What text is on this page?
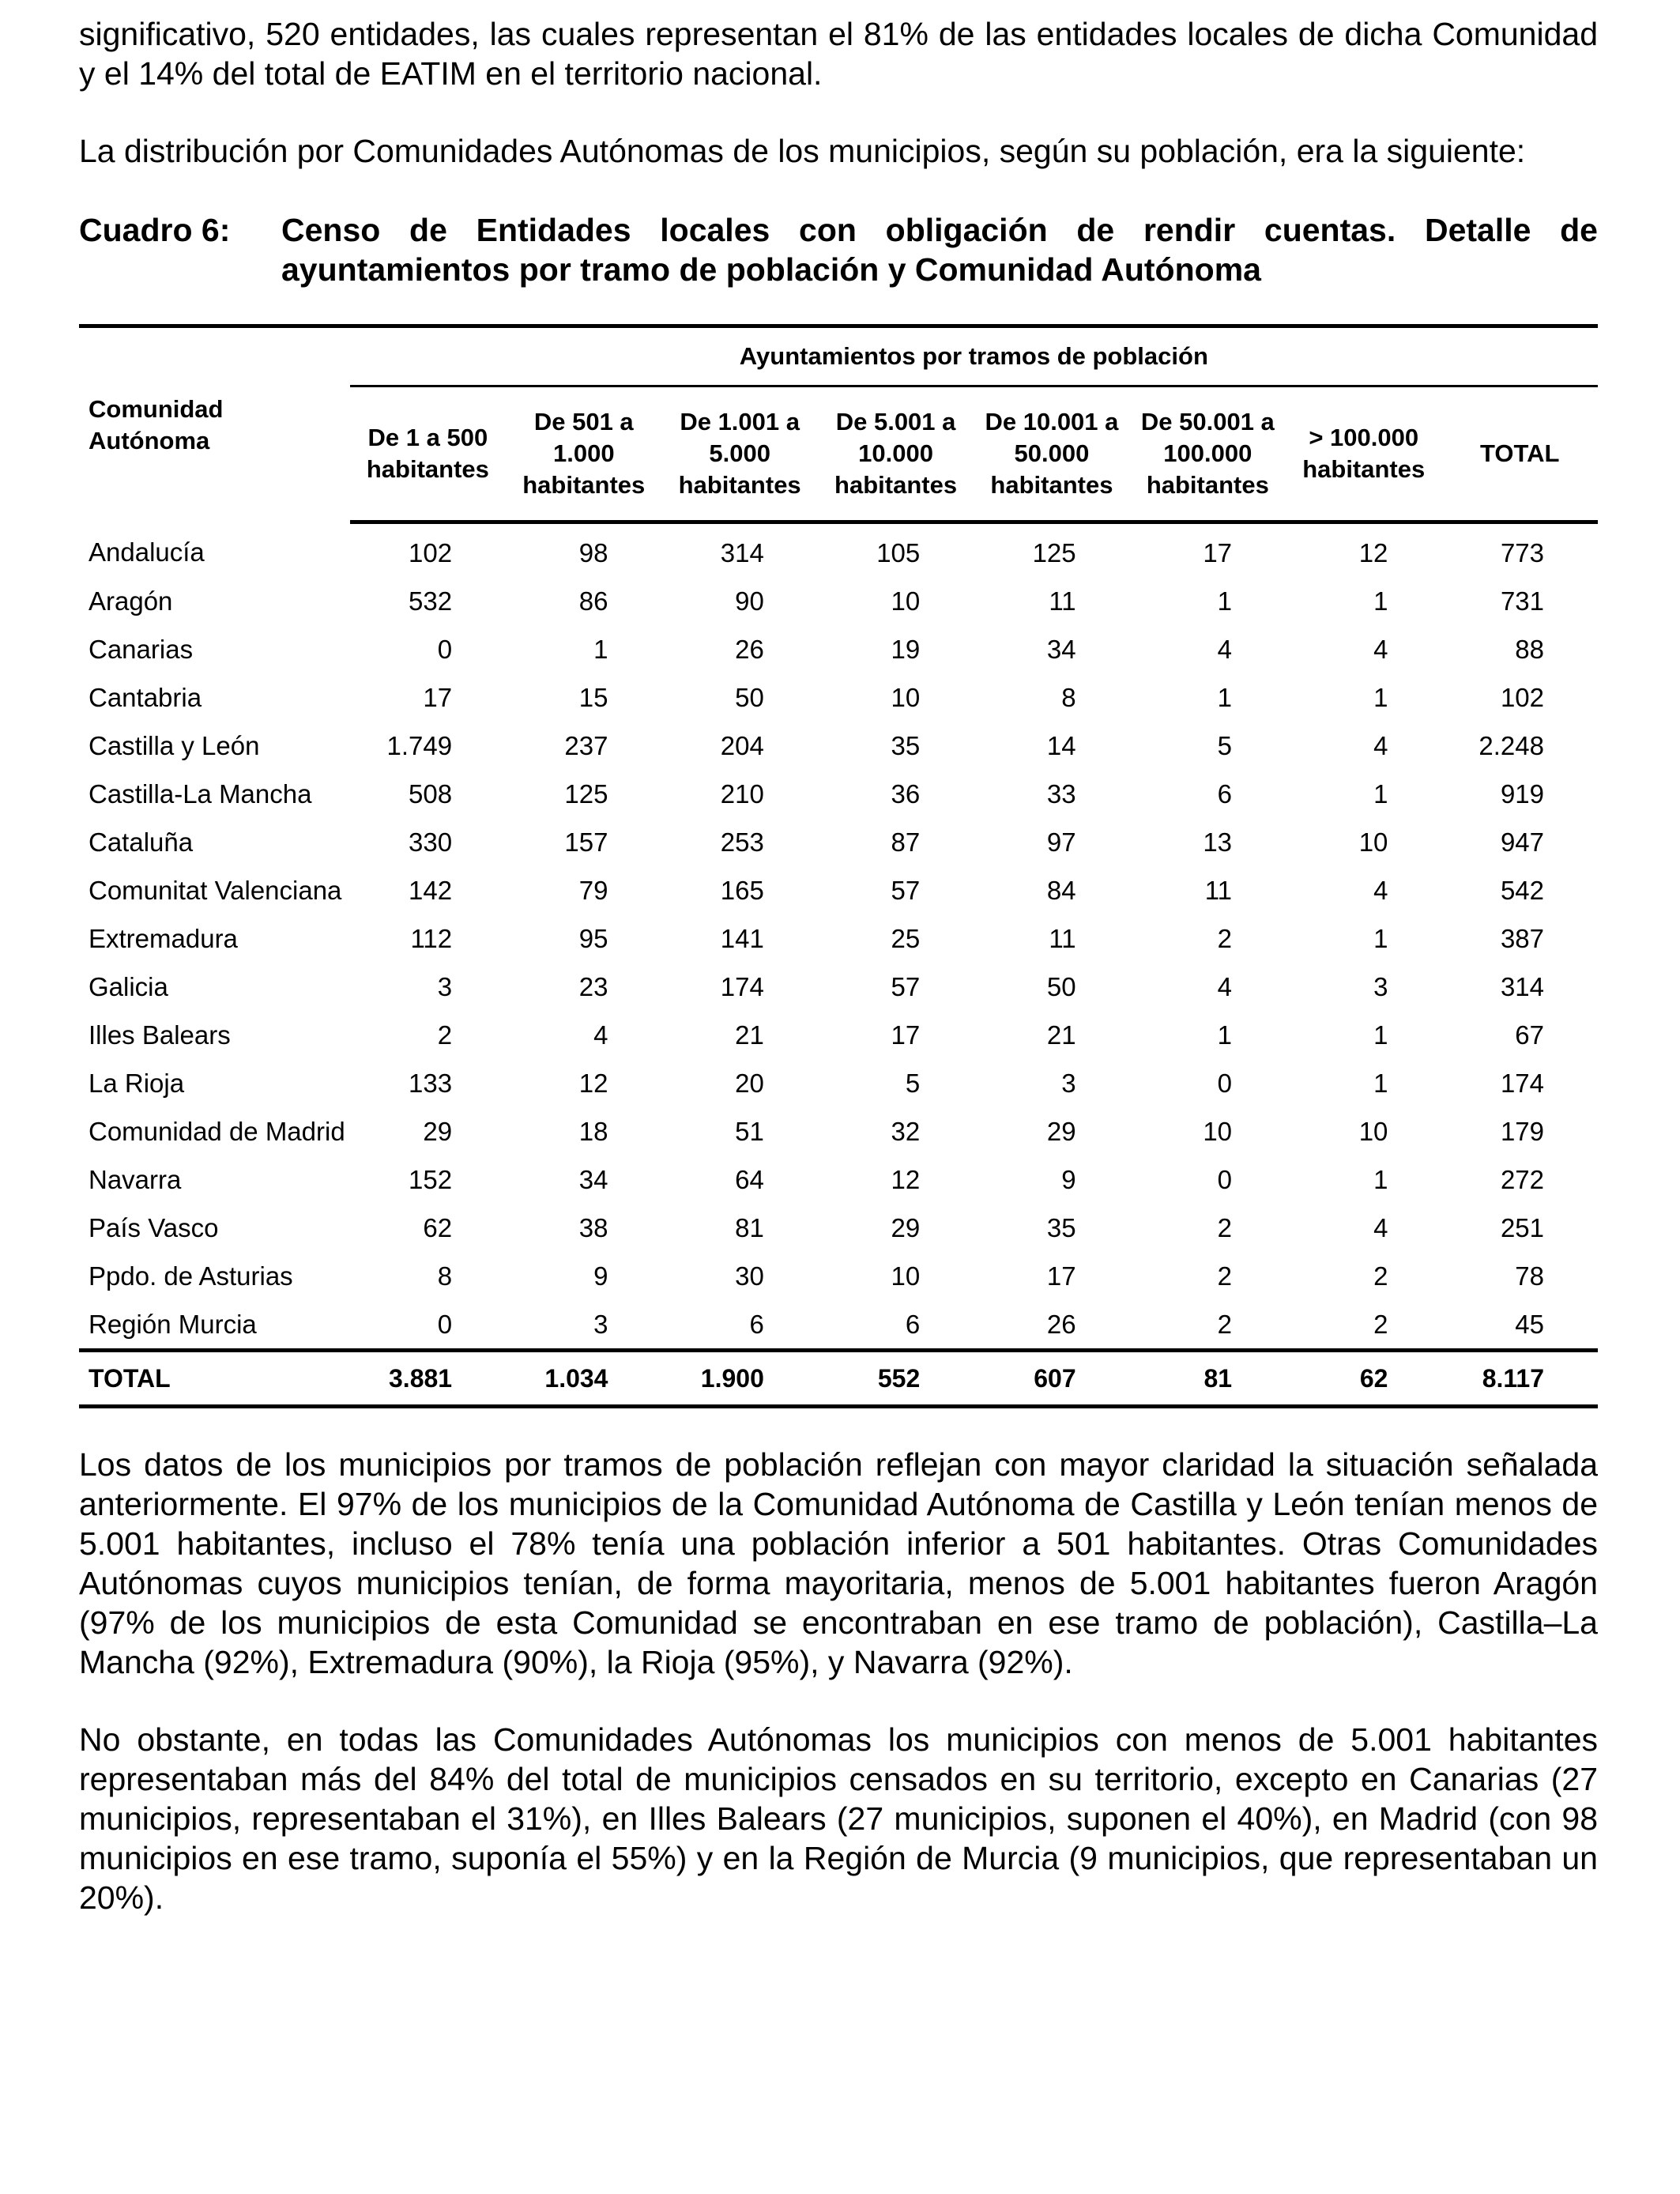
significativo, 520 entidades, las cuales representan el 81% de las entidades locales de dicha Comunidad y el 14% del total de EATIM en el territorio nacional.

La distribución por Comunidades Autónomas de los municipios, según su población, era la siguiente:

Cuadro 6:	Censo de Entidades locales con obligación de rendir cuentas. Detalle de ayuntamientos por tramo de población y Comunidad Autónoma
Comunidad Autónoma	Ayuntamientos por tramos de población							
	De 1 a 500 habitantes	De 501 a 1.000 habitantes	De 1.001 a 5.000 habitantes	De 5.001 a 10.000 habitantes	De 10.001 a 50.000 habitantes	De 50.001 a 100.000 habitantes	> 100.000 habitantes	TOTAL
Andalucía	102	98	314	105	125	17	12	773
Aragón	532	86	90	10	11	1	1	731
Canarias	0	1	26	19	34	4	4	88
Cantabria	17	15	50	10	8	1	1	102
Castilla y León	1.749	237	204	35	14	5	4	2.248
Castilla-La Mancha	508	125	210	36	33	6	1	919
Cataluña	330	157	253	87	97	13	10	947
Comunitat Valenciana	142	79	165	57	84	11	4	542
Extremadura	112	95	141	25	11	2	1	387
Galicia	3	23	174	57	50	4	3	314
Illes Balears	2	4	21	17	21	1	1	67
La Rioja	133	12	20	5	3	0	1	174
Comunidad de Madrid	29	18	51	32	29	10	10	179
Navarra	152	34	64	12	9	0	1	272
País Vasco	62	38	81	29	35	2	4	251
Ppdo. de Asturias	8	9	30	10	17	2	2	78
Región Murcia	0	3	6	6	26	2	2	45
TOTAL	3.881	1.034	1.900	552	607	81	62	8.117

Los datos de los municipios por tramos de población reflejan con mayor claridad la situación señalada anteriormente. El 97% de los municipios de la Comunidad Autónoma de Castilla y León tenían menos de 5.001 habitantes, incluso el 78% tenía una población inferior a 501 habitantes. Otras Comunidades Autónomas cuyos municipios tenían, de forma mayoritaria, menos de 5.001 habitantes fueron Aragón (97% de los municipios de esta Comunidad se encontraban en ese tramo de población), Castilla–La Mancha (92%), Extremadura (90%), la Rioja (95%), y Navarra (92%).

No obstante, en todas las Comunidades Autónomas los municipios con menos de 5.001 habitantes representaban más del 84% del total de municipios censados en su territorio, excepto en Canarias (27 municipios, representaban el 31%), en Illes Balears (27 municipios, suponen el 40%), en Madrid (con 98 municipios en ese tramo, suponía el 55%) y en la Región de Murcia (9 municipios, que representaban un 20%).
